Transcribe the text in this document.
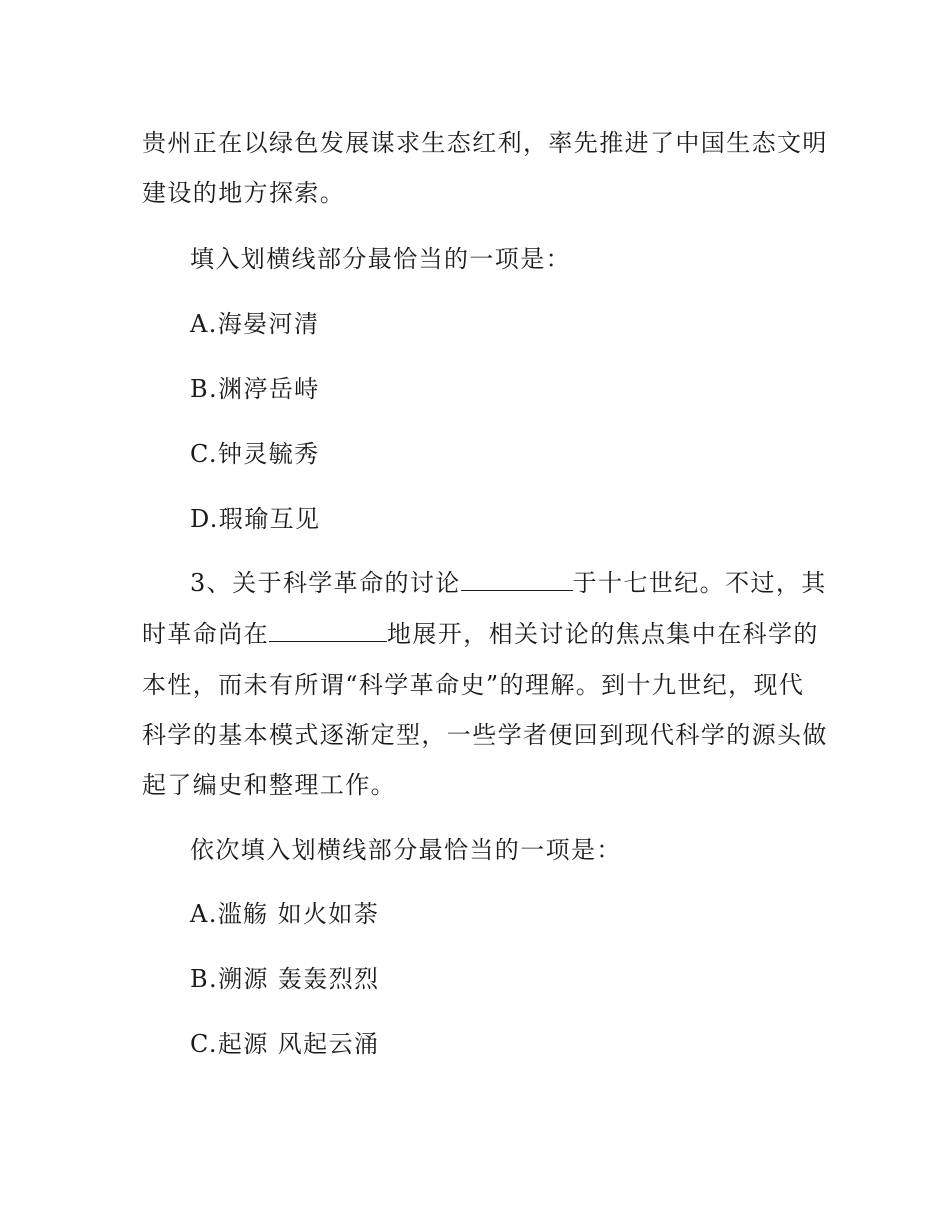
贵州正在以绿色发展谋求生态红利，率先推进了中国生态文明
建设的地方探索。
填入划横线部分最恰当的一项是：
A.海晏河清
B.渊渟岳峙
C.钟灵毓秀
D.瑕瑜互见
3、关于科学革命的讨论	于十七世纪。不过，其
时革命尚在	地展开，相关讨论的焦点集中在科学的
本性，而未有所谓“科学革命史”的理解。到十九世纪，现代
科学的基本模式逐渐定型，一些学者便回到现代科学的源头做
起了编史和整理工作。
依次填入划横线部分最恰当的一项是：
A.滥觞 如火如荼
B.溯源 轰轰烈烈
C.起源 风起云涌
